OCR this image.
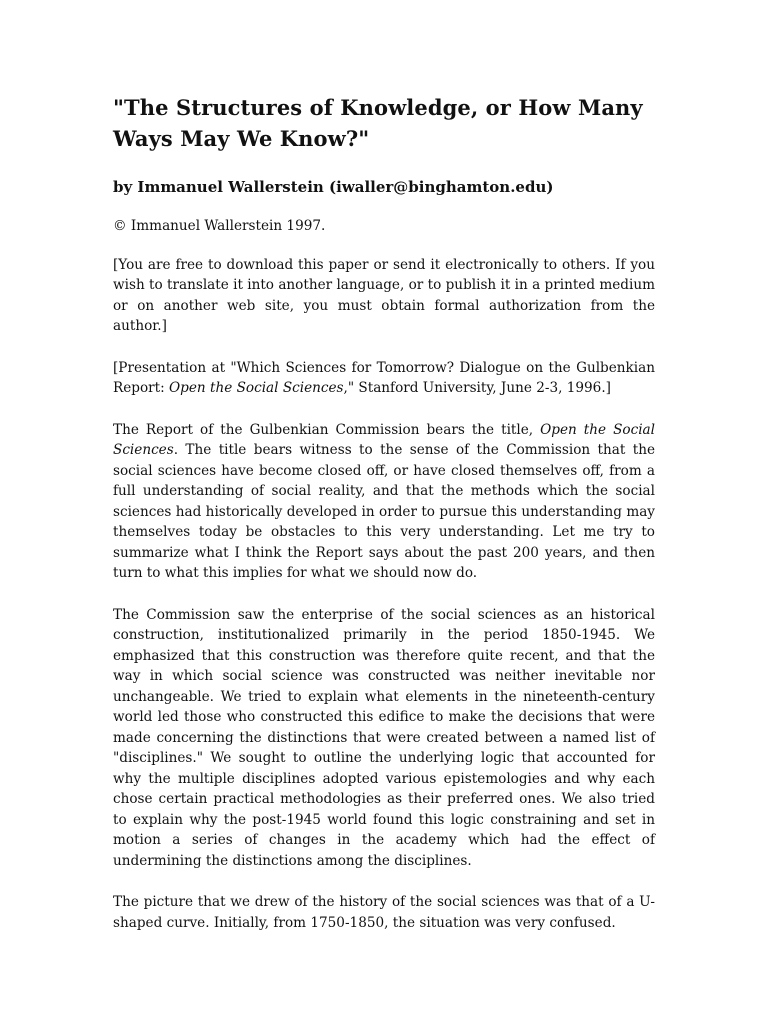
"The Structures of Knowledge, or How Many Ways May We Know?"
by Immanuel Wallerstein (iwaller@binghamton.edu)

© Immanuel Wallerstein 1997.

[You are free to download this paper or send it electronically to others. If you wish to translate it into another language, or to publish it in a printed medium or on another web site, you must obtain formal authorization from the author.]

[Presentation at "Which Sciences for Tomorrow? Dialogue on the Gulbenkian Report: Open the Social Sciences," Stanford University, June 2-3, 1996.]

The Report of the Gulbenkian Commission bears the title, Open the Social Sciences. The title bears witness to the sense of the Commission that the social sciences have become closed off, or have closed themselves off, from a full understanding of social reality, and that the methods which the social sciences had historically developed in order to pursue this understanding may themselves today be obstacles to this very understanding. Let me try to summarize what I think the Report says about the past 200 years, and then turn to what this implies for what we should now do.

The Commission saw the enterprise of the social sciences as an historical construction, institutionalized primarily in the period 1850-1945. We emphasized that this construction was therefore quite recent, and that the way in which social science was constructed was neither inevitable nor unchangeable. We tried to explain what elements in the nineteenth-century world led those who constructed this edifice to make the decisions that were made concerning the distinctions that were created between a named list of "disciplines." We sought to outline the underlying logic that accounted for why the multiple disciplines adopted various epistemologies and why each chose certain practical methodologies as their preferred ones. We also tried to explain why the post-1945 world found this logic constraining and set in motion a series of changes in the academy which had the effect of undermining the distinctions among the disciplines.

The picture that we drew of the history of the social sciences was that of a U-shaped curve. Initially, from 1750-1850, the situation was very confused.
